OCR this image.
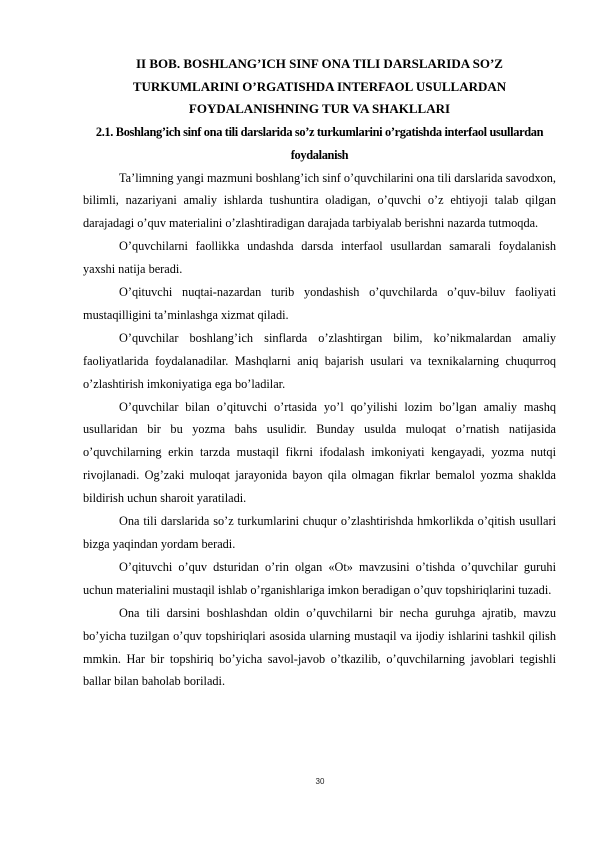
II BOB. BOSHLANG’ICH SINF ONA TILI DARSLARIDA SO’Z TURKUMLARINI O’RGATISHDA INTERFAOL USULLARDAN FOYDALANISHNING TUR VA SHAKLLARI

2.1. Boshlang’ich sinf ona tili darslarida so’z turkumlarini o’rgatishda interfaol usullardan foydalanish

Ta’limning yangi mazmuni boshlang’ich sinf o’quvchilarini ona tili darslarida savodxon, bilimli, nazariyani amaliy ishlarda tushuntira oladigan, o’quvchi o’z ehtiyoji talab qilgan darajadagi o’quv materialini o’zlashtiradigan darajada tarbiyalab berishni nazarda tutmoqda.

O’quvchilarni faollikka undashda darsda interfaol usullardan samarali foydalanish yaxshi natija beradi.

O’qituvchi nuqtai-nazardan turib yondashish o’quvchilarda o’quv-biluv faoliyati mustaqilligini ta’minlashga xizmat qiladi.

O’quvchilar boshlang’ich sinflarda o’zlashtirgan bilim, ko’nikmalardan amaliy faoliyatlarida foydalanadilar. Mashqlarni aniq bajarish usulari va texnikalarning chuqurroq o’zlashtirish imkoniyatiga ega bo’ladilar.

O’quvchilar bilan o’qituvchi o’rtasida yo’l qo’yilishi lozim bo’lgan amaliy mashq usullaridan bir bu yozma bahs usulidir. Bunday usulda muloqat o’rnatish natijasida o’quvchilarning erkin tarzda mustaqil fikrni ifodalash imkoniyati kengayadi, yozma nutqi rivojlanadi. Og’zaki muloqat jarayonida bayon qila olmagan fikrlar bemalol yozma shaklda bildirish uchun sharoit yaratiladi.

Ona tili darslarida so’z turkumlarini chuqur o’zlashtirishda hmkorlikda o’qitish usullari bizga yaqindan yordam beradi.

O’qituvchi o’quv dsturidan o’rin olgan «Ot» mavzusini o’tishda o’quvchilar guruhi uchun materialini mustaqil ishlab o’rganishlariga imkon beradigan o’quv topshiriqlarini tuzadi.

Ona tili darsini boshlashdan oldin o’quvchilarni bir necha guruhga ajratib, mavzu bo’yicha tuzilgan o’quv topshiriqlari asosida ularning mustaqil va ijodiy ishlarini tashkil qilish mmkin. Har bir topshiriq bo’yicha savol-javob o’tkazilib, o’quvchilarning javoblari tegishli ballar bilan baholab boriladi.

30
